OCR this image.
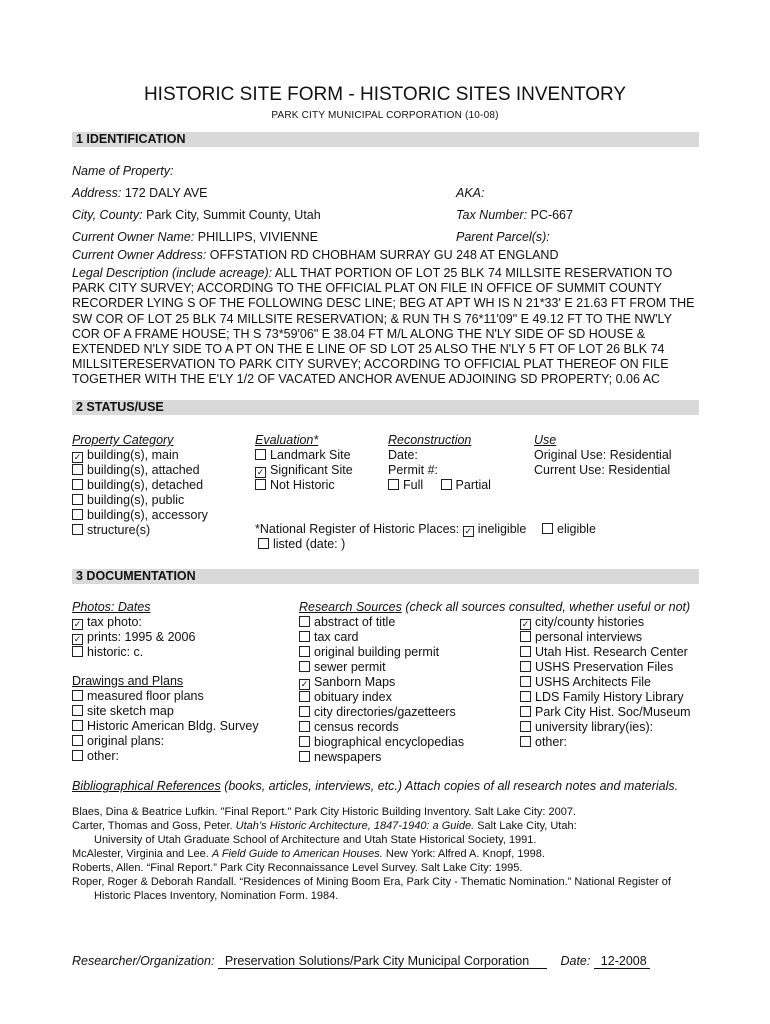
HISTORIC SITE FORM - HISTORIC SITES INVENTORY
PARK CITY MUNICIPAL CORPORATION (10-08)
1 IDENTIFICATION
Name of Property:
Address: 172 DALY AVE	AKA:
City, County: Park City, Summit County, Utah	Tax Number: PC-667
Current Owner Name: PHILLIPS, VIVIENNE	Parent Parcel(s):
Current Owner Address: OFFSTATION RD CHOBHAM SURRAY GU 248 AT ENGLAND
Legal Description (include acreage): ALL THAT PORTION OF LOT 25 BLK 74 MILLSITE RESERVATION TO PARK CITY SURVEY; ACCORDING TO THE OFFICIAL PLAT ON FILE IN OFFICE OF SUMMIT COUNTY RECORDER LYING S OF THE FOLLOWING DESC LINE; BEG AT APT WH IS N 21*33' E 21.63 FT FROM THE SW COR OF LOT 25 BLK 74 MILLSITE RESERVATION; & RUN TH S 76*11'09" E 49.12 FT TO THE NW'LY COR OF A FRAME HOUSE; TH S 73*59'06" E 38.04 FT M/L ALONG THE N'LY SIDE OF SD HOUSE & EXTENDED N'LY SIDE TO A PT ON THE E LINE OF SD LOT 25 ALSO THE N'LY 5 FT OF LOT 26 BLK 74 MILLSITERESERVATION TO PARK CITY SURVEY; ACCORDING TO OFFICIAL PLAT THEREOF ON FILE TOGETHER WITH THE E'LY 1/2 OF VACATED ANCHOR AVENUE ADJOINING SD PROPERTY; 0.06 AC
2 STATUS/USE
Property Category
✓ building(s), main
building(s), attached
building(s), detached
building(s), public
building(s), accessory
structure(s)
Evaluation*
Landmark Site
✓ Significant Site
Not Historic
Reconstruction
Date:
Permit #:
Full	Partial
Use
Original Use: Residential
Current Use: Residential
*National Register of Historic Places: ✓ ineligible	eligible
listed (date: )
3 DOCUMENTATION
Photos: Dates
✓ tax photo:
✓ prints: 1995 & 2006
historic: c.
Drawings and Plans
measured floor plans
site sketch map
Historic American Bldg. Survey
original plans:
other:
Research Sources (check all sources consulted, whether useful or not)
abstract of title
tax card
original building permit
sewer permit
✓ Sanborn Maps
obituary index
city directories/gazetteers
census records
biographical encyclopedias
newspapers
✓ city/county histories
personal interviews
Utah Hist. Research Center
USHS Preservation Files
USHS Architects File
LDS Family History Library
Park City Hist. Soc/Museum
university library(ies):
other:
Bibliographical References (books, articles, interviews, etc.) Attach copies of all research notes and materials.
Blaes, Dina & Beatrice Lufkin. "Final Report." Park City Historic Building Inventory. Salt Lake City: 2007.
Carter, Thomas and Goss, Peter. Utah’s Historic Architecture, 1847-1940: a Guide. Salt Lake City, Utah:
University of Utah Graduate School of Architecture and Utah State Historical Society, 1991.
McAlester, Virginia and Lee. A Field Guide to American Houses. New York: Alfred A. Knopf, 1998.
Roberts, Allen. “Final Report.” Park City Reconnaissance Level Survey. Salt Lake City: 1995.
Roper, Roger & Deborah Randall. “Residences of Mining Boom Era, Park City - Thematic Nomination.” National Register of
Historic Places Inventory, Nomination Form. 1984.
Researcher/Organization: Preservation Solutions/Park City Municipal Corporation	Date: 12-2008
